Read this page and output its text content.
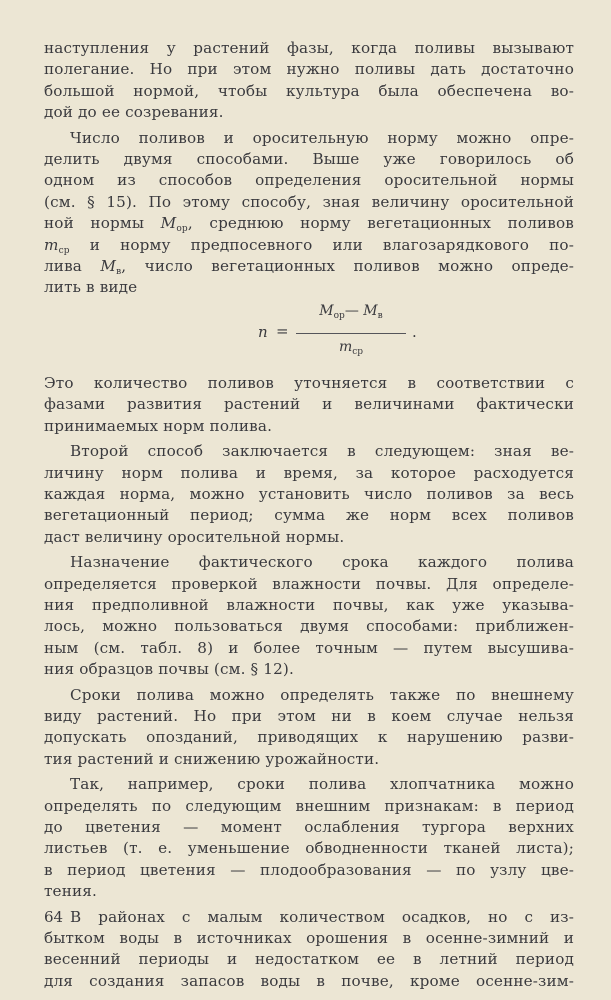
наступления у растений фазы, когда поливы вызывают
полегание. Но при этом нужно поливы дать достаточно
большой нормой, чтобы культура была обеспечена во-
дой до ее созревания.
Число поливов и оросительную норму можно опре-
делить двумя способами. Выше уже говорилось об
одном из способов определения оросительной нормы
(см. § 15). По этому способу, зная величину оросительной
ной нормы $M_{ор}$, среднюю норму вегетационных поливов
$m_{ср}$ и норму предпосевного или влагозарядкового по-
лива $M_в$, число вегетационных поливов можно опреде-
лить в виде
n =
$M_{ор}—$ $M_в$
$m_{ср}$
.
Это количество поливов уточняется в соответствии с
фазами развития растений и величинами фактически
принимаемых норм полива.
Второй способ заключается в следующем: зная ве-
личину норм полива и время, за которое расходуется
каждая норма, можно установить число поливов за весь
вегетационный период; сумма же норм всех поливов
даст величину оросительной нормы.
Назначение фактического срока каждого полива
определяется проверкой влажности почвы. Для определе-
ния предполивной влажности почвы, как уже указыва-
лось, можно пользоваться двумя способами: приближен-
ным (см. табл. 8) и более точным — путем высушива-
ния образцов почвы (см. § 12).
Сроки полива можно определять также по внешнему
виду растений. Но при этом ни в коем случае нельзя
допускать опозданий, приводящих к нарушению разви-
тия растений и снижению урожайности.
Так, например, сроки полива хлопчатника можно
определять по следующим внешним признакам: в период
до цветения — момент ослабления тургора верхних
листьев (т. е. уменьшение обводненности тканей листа);
в период цветения — плодообразования — по узлу цве-
тения.
В районах с малым количеством осадков, но с из-
бытком воды в источниках орошения в осенне-зимний и
весенний периоды и недостатком ее в летний период
для создания запасов воды в почве, кроме осенне-зим-
64
